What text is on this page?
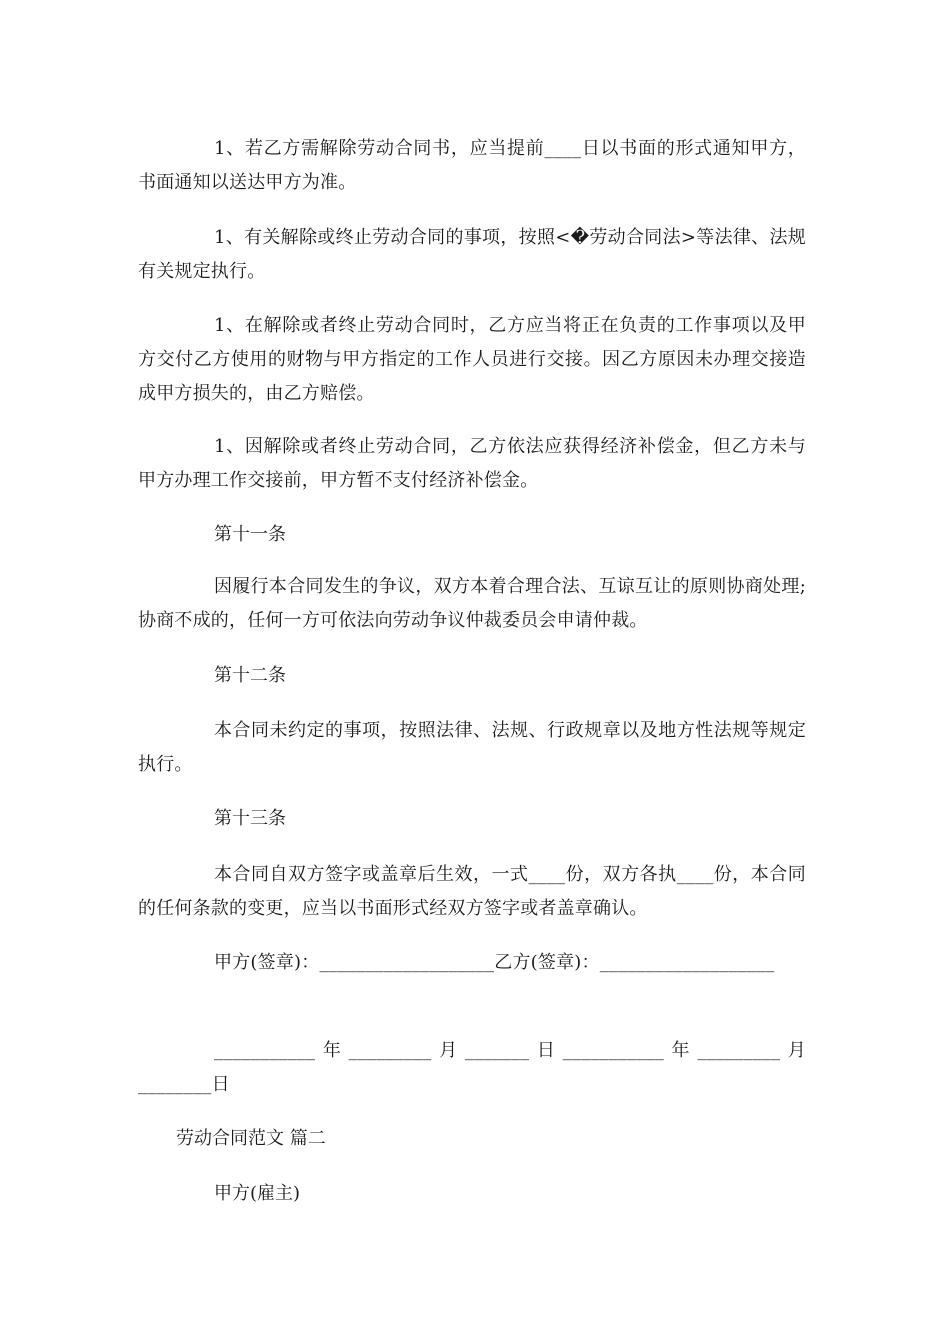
1、若乙方需解除劳动合同书，应当提前____日以书面的形式通知甲方，书面通知以送达甲方为准。

1、有关解除或终止劳动合同的事项，按照<�劳动合同法>等法律、法规有关规定执行。

1、在解除或者终止劳动合同时，乙方应当将正在负责的工作事项以及甲方交付乙方使用的财物与甲方指定的工作人员进行交接。因乙方原因未办理交接造成甲方损失的，由乙方赔偿。

1、因解除或者终止劳动合同，乙方依法应获得经济补偿金，但乙方未与甲方办理工作交接前，甲方暂不支付经济补偿金。

第十一条

因履行本合同发生的争议，双方本着合理合法、互谅互让的原则协商处理;协商不成的，任何一方可依法向劳动争议仲裁委员会申请仲裁。

第十二条

本合同未约定的事项，按照法律、法规、行政规章以及地方性法规等规定执行。

第十三条

本合同自双方签字或盖章后生效，一式____份，双方各执____份，本合同的任何条款的变更，应当以书面形式经双方签字或者盖章确认。

甲方(签章)：___________________乙方(签章)：___________________

___________年_________月_______日___________年_________月________日

劳动合同范文 篇二

甲方(雇主)
